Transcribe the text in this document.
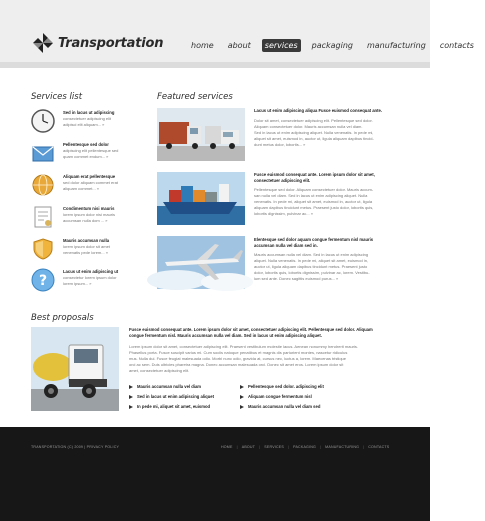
Transportation	home	about	services	packaging	manufacturing	contacts
Services list
Sed in lacus ut adipiscing
consectetuer adipiscing elit
adipisci elit aliquam... »
Pellentesque sed dolor
adipiscing elit pellentesque sed
quam commet endum... »
Aliquam erat pellentesque
sed dolor aliquam commet erat
aliquam commet... »
Condimentum nisi mauris
lorem ipsum dolor nisi mauris
accumsan nulla dom ... »
Mauris accumsan nulla
lorem ipsum dolor sit amet
venenatis pede lorem... »
?
Lacus ut enim adipiscing ut
consectetur lorem ipsum dolor
lorem ipsum... »
Featured services
Lacus ut enim adipiscing aliqua Fusce euismod consequat ante.
Dolor sit amet, consectetuer adipiscing elit. Pellentesque sed dolor.
Aliquam consectetuer dolor. Mauris accumsan nulla vel diam.
Sed in lacus ut enim adipiscing aliquet. Nulla venenatis. In pede mi,
aliquet sit amet, euismod in, auctor ut, ligula aliquam dapibus tincid-
dunt metus dolor, lobortis... »
Fusce euismod consequat ante. Lorem ipsum dolor sit amet,
consectetuer adipiscing elit.
Pellentesque sed dolor. Aliquam consectetuer dolor. Mauris accum-
san nulla vel diam. Sed in lacus ut enim adipiscing aliquet. Nulla
venenatis. In pede mi, aliquet sit amet, euismod in, auctor ut, ligula
aliquam dapibus tincidunt metus. Praesent justo dolor, lobortis quis,
lobortis dignissim, pulvinar ac... »
Elentesque sed dolor aquam congue fermentum nisl mauris
accumsan nulla vel diam sed in.
Mauris accumsan nulla vel diam. Sed in lacus ut enim adipiscing
aliquet. Nulla venenatis. In pede mi, aliquet sit amet, euismod in,
auctor ut, ligula aliquam dapibus tincidunt metus. Praesent justo
dolor, lobortis quis, lobortis dignissim, pulvinar ac, lorem. Vestibu-
lum sed ante. Donec sagittis euismod purus... »
Best proposals
Fusce euismod consequat ante. Lorem ipsum dolor sit amet, consectetuer adipiscing elit. Pellentesque sed dolor. Aliquam
congue fermentum nisl. Mauris accumsan nulla vel diam. Sed in lacus ut enim adipiscing aliquet.
Lorem ipsum dolor sit amet, consectetuer adipiscing elit. Praesent vestibulum molestie lacus. Aenean nonummy hendrerit mauris.
Phasellus porta. Fusce suscipit varius mi. Cum sociis natoque penatibus et magnis dis parturient montes, nascetur ridiculus
mus. Nulla dui. Fusce feugiat malesuada odio. Morbi nunc odio, gravida at, cursus nec, luctus a, lorem. Maecenas tristique
orci ac sem. Duis ultricies pharetra magna. Donec accumsan malesuada orci. Donec sit amet eros. Lorem ipsum dolor sit
amet, consectetuer adipiscing elit.
Mauris accumsan nulla vel diam
Sed in lacus ut enim adipiscing aliquet
In pede mi, aliquet sit amet, euismod
Pellentesque sed dolor. adipiscing elit
Aliquam congue fermentum nisl
Mauris accumsan nulla vel diam sed
TRANSPORTATION (C) 2009 | PRIVACY POLICY	HOME | ABOUT | SERVICES | PACKAGING | MANUFACTURING | CONTACTS
